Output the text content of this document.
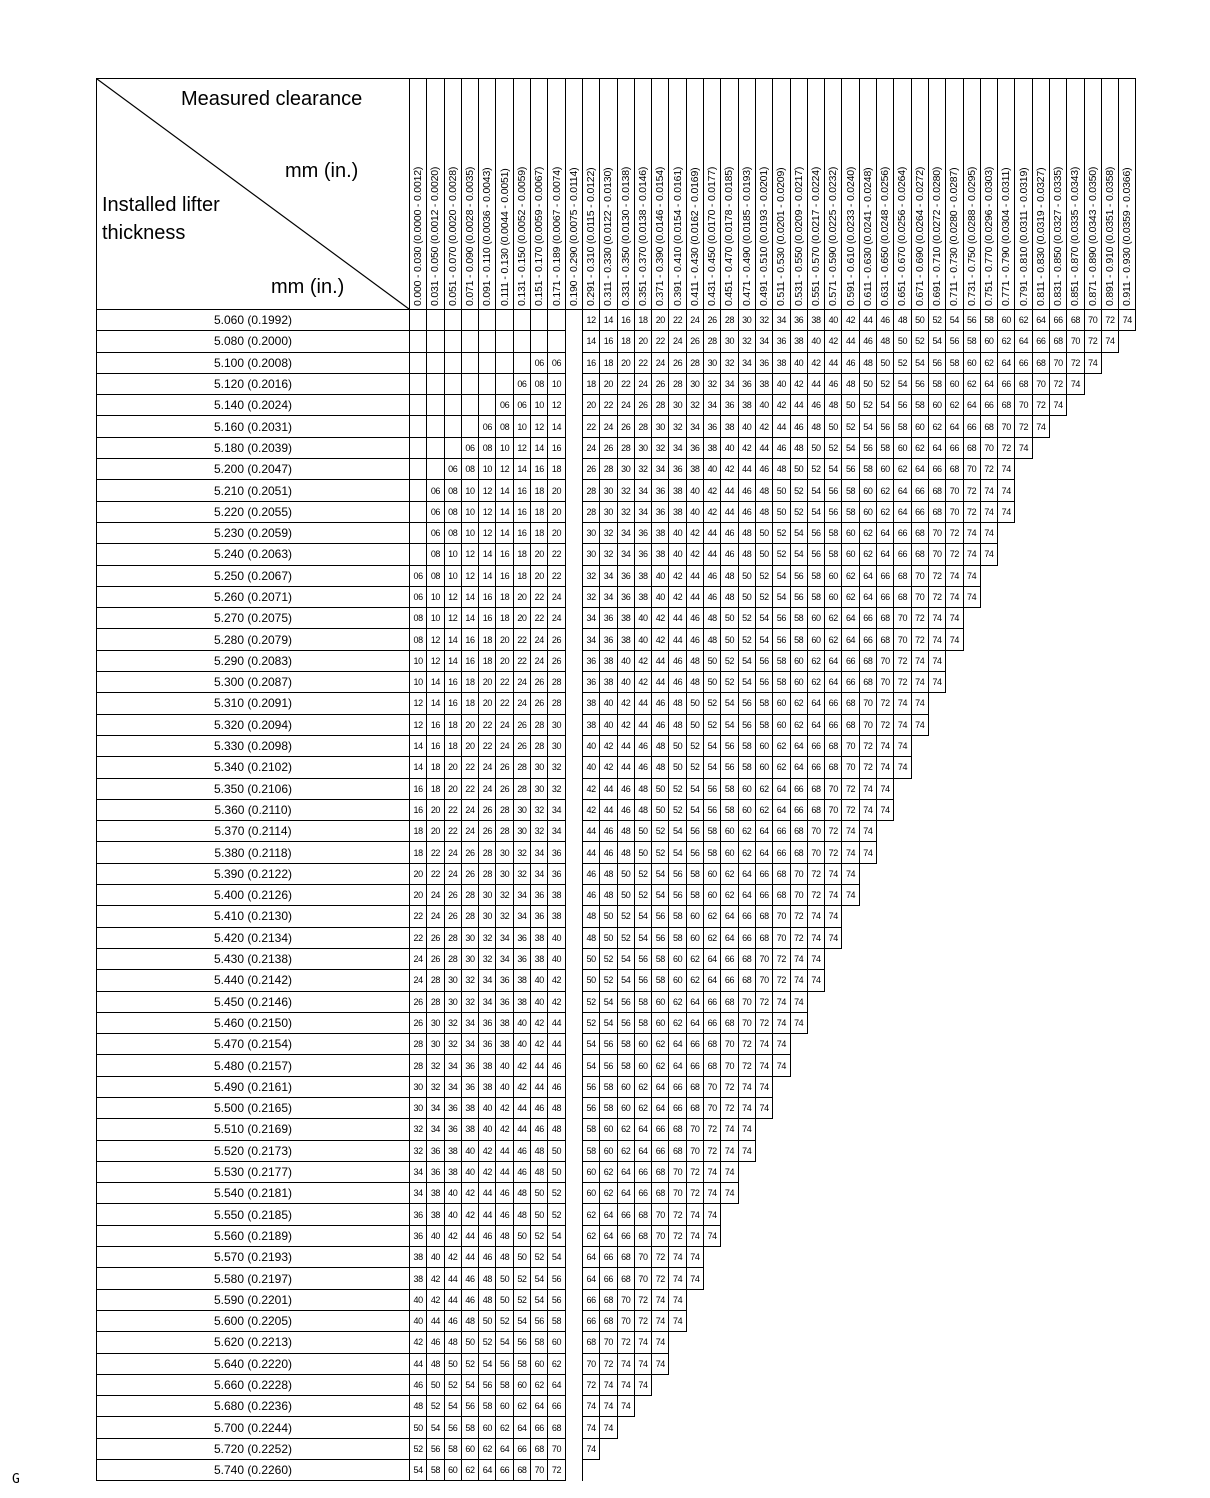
Measured clearance
mm (in.)
Installed lifter
thickness
mm (in.)	0.000 - 0.030 (0.0000 - 0.0012)	0.031 - 0.050 (0.0012 - 0.0020)	0.051 - 0.070 (0.0020 - 0.0028)	0.071 - 0.090 (0.0028 - 0.0035)	0.091 - 0.110 (0.0036 - 0.0043)	0.111 - 0.130 (0.0044 - 0.0051)	0.131 - 0.150 (0.0052 - 0.0059)	0.151 - 0.170 (0.0059 - 0.0067)	0.171 - 0.189 (0.0067 - 0.0074)	0.190 - 0.290 (0.0075 - 0.0114)	0.291 - 0.310 (0.0115 - 0.0122)	0.311 - 0.330 (0.0122 - 0.0130)	0.331 - 0.350 (0.0130 - 0.0138)	0.351 - 0.370 (0.0138 - 0.0146)	0.371 - 0.390 (0.0146 - 0.0154)	0.391 - 0.410 (0.0154 - 0.0161)	0.411 - 0.430 (0.0162 - 0.0169)	0.431 - 0.450 (0.0170 - 0.0177)	0.451 - 0.470 (0.0178 - 0.0185)	0.471 - 0.490 (0.0185 - 0.0193)	0.491 - 0.510 (0.0193 - 0.0201)	0.511 - 0.530 (0.0201 - 0.0209)	0.531 - 0.550 (0.0209 - 0.0217)	0.551 - 0.570 (0.0217 - 0.0224)	0.571 - 0.590 (0.0225 - 0.0232)	0.591 - 0.610 (0.0233 - 0.0240)	0.611 - 0.630 (0.0241 - 0.0248)	0.631 - 0.650 (0.0248 - 0.0256)	0.651 - 0.670 (0.0256 - 0.0264)	0.671 - 0.690 (0.0264 - 0.0272)	0.691 - 0.710 (0.0272 - 0.0280)	0.711 - 0.730 (0.0280 - 0.0287)	0.731 - 0.750 (0.0288 - 0.0295)	0.751 - 0.770 (0.0296 - 0.0303)	0.771 - 0.790 (0.0304 - 0.0311)	0.791 - 0.810 (0.0311 - 0.0319)	0.811 - 0.830 (0.0319 - 0.0327)	0.831 - 0.850 (0.0327 - 0.0335)	0.851 - 0.870 (0.0335 - 0.0343)	0.871 - 0.890 (0.0343 - 0.0350)	0.891 - 0.910 (0.0351 - 0.0358)	0.911 - 0.930 (0.0359 - 0.0366)

5.060 (0.1992)											12	14	16	18	20	22	24	26	28	30	32	34	36	38	40	42	44	46	48	50	52	54	56	58	60	62	64	66	68	70	72	74
5.080 (0.2000)											14	16	18	20	22	24	26	28	30	32	34	36	38	40	42	44	46	48	50	52	54	56	58	60	62	64	66	68	70	72	74	
5.100 (0.2008)								06	06		16	18	20	22	24	26	28	30	32	34	36	38	40	42	44	46	48	50	52	54	56	58	60	62	64	66	68	70	72	74		
5.120 (0.2016)							06	08	10		18	20	22	24	26	28	30	32	34	36	38	40	42	44	46	48	50	52	54	56	58	60	62	64	66	68	70	72	74			
5.140 (0.2024)						06	06	10	12		20	22	24	26	28	30	32	34	36	38	40	42	44	46	48	50	52	54	56	58	60	62	64	66	68	70	72	74				
5.160 (0.2031)					06	08	10	12	14		22	24	26	28	30	32	34	36	38	40	42	44	46	48	50	52	54	56	58	60	62	64	66	68	70	72	74					
5.180 (0.2039)				06	08	10	12	14	16		24	26	28	30	32	34	36	38	40	42	44	46	48	50	52	54	56	58	60	62	64	66	68	70	72	74						
5.200 (0.2047)			06	08	10	12	14	16	18		26	28	30	32	34	36	38	40	42	44	46	48	50	52	54	56	58	60	62	64	66	68	70	72	74							
5.210 (0.2051)		06	08	10	12	14	16	18	20		28	30	32	34	36	38	40	42	44	46	48	50	52	54	56	58	60	62	64	66	68	70	72	74	74							
5.220 (0.2055)		06	08	10	12	14	16	18	20		28	30	32	34	36	38	40	42	44	46	48	50	52	54	56	58	60	62	64	66	68	70	72	74	74							
5.230 (0.2059)		06	08	10	12	14	16	18	20		30	32	34	36	38	40	42	44	46	48	50	52	54	56	58	60	62	64	66	68	70	72	74	74								
5.240 (0.2063)		08	10	12	14	16	18	20	22		30	32	34	36	38	40	42	44	46	48	50	52	54	56	58	60	62	64	66	68	70	72	74	74								
5.250 (0.2067)	06	08	10	12	14	16	18	20	22		32	34	36	38	40	42	44	46	48	50	52	54	56	58	60	62	64	66	68	70	72	74	74									
5.260 (0.2071)	06	10	12	14	16	18	20	22	24		32	34	36	38	40	42	44	46	48	50	52	54	56	58	60	62	64	66	68	70	72	74	74									
5.270 (0.2075)	08	10	12	14	16	18	20	22	24		34	36	38	40	42	44	46	48	50	52	54	56	58	60	62	64	66	68	70	72	74	74										
5.280 (0.2079)	08	12	14	16	18	20	22	24	26		34	36	38	40	42	44	46	48	50	52	54	56	58	60	62	64	66	68	70	72	74	74										
5.290 (0.2083)	10	12	14	16	18	20	22	24	26		36	38	40	42	44	46	48	50	52	54	56	58	60	62	64	66	68	70	72	74	74											
5.300 (0.2087)	10	14	16	18	20	22	24	26	28		36	38	40	42	44	46	48	50	52	54	56	58	60	62	64	66	68	70	72	74	74											
5.310 (0.2091)	12	14	16	18	20	22	24	26	28		38	40	42	44	46	48	50	52	54	56	58	60	62	64	66	68	70	72	74	74												
5.320 (0.2094)	12	16	18	20	22	24	26	28	30		38	40	42	44	46	48	50	52	54	56	58	60	62	64	66	68	70	72	74	74												
5.330 (0.2098)	14	16	18	20	22	24	26	28	30		40	42	44	46	48	50	52	54	56	58	60	62	64	66	68	70	72	74	74													
5.340 (0.2102)	14	18	20	22	24	26	28	30	32		40	42	44	46	48	50	52	54	56	58	60	62	64	66	68	70	72	74	74													
5.350 (0.2106)	16	18	20	22	24	26	28	30	32		42	44	46	48	50	52	54	56	58	60	62	64	66	68	70	72	74	74														
5.360 (0.2110)	16	20	22	24	26	28	30	32	34		42	44	46	48	50	52	54	56	58	60	62	64	66	68	70	72	74	74														
5.370 (0.2114)	18	20	22	24	26	28	30	32	34		44	46	48	50	52	54	56	58	60	62	64	66	68	70	72	74	74															
5.380 (0.2118)	18	22	24	26	28	30	32	34	36		44	46	48	50	52	54	56	58	60	62	64	66	68	70	72	74	74															
5.390 (0.2122)	20	22	24	26	28	30	32	34	36		46	48	50	52	54	56	58	60	62	64	66	68	70	72	74	74																
5.400 (0.2126)	20	24	26	28	30	32	34	36	38		46	48	50	52	54	56	58	60	62	64	66	68	70	72	74	74																
5.410 (0.2130)	22	24	26	28	30	32	34	36	38		48	50	52	54	56	58	60	62	64	66	68	70	72	74	74																	
5.420 (0.2134)	22	26	28	30	32	34	36	38	40		48	50	52	54	56	58	60	62	64	66	68	70	72	74	74																	
5.430 (0.2138)	24	26	28	30	32	34	36	38	40		50	52	54	56	58	60	62	64	66	68	70	72	74	74																		
5.440 (0.2142)	24	28	30	32	34	36	38	40	42		50	52	54	56	58	60	62	64	66	68	70	72	74	74																		
5.450 (0.2146)	26	28	30	32	34	36	38	40	42		52	54	56	58	60	62	64	66	68	70	72	74	74																			
5.460 (0.2150)	26	30	32	34	36	38	40	42	44		52	54	56	58	60	62	64	66	68	70	72	74	74																			
5.470 (0.2154)	28	30	32	34	36	38	40	42	44		54	56	58	60	62	64	66	68	70	72	74	74																				
5.480 (0.2157)	28	32	34	36	38	40	42	44	46		54	56	58	60	62	64	66	68	70	72	74	74																				
5.490 (0.2161)	30	32	34	36	38	40	42	44	46		56	58	60	62	64	66	68	70	72	74	74																					
5.500 (0.2165)	30	34	36	38	40	42	44	46	48		56	58	60	62	64	66	68	70	72	74	74																					
5.510 (0.2169)	32	34	36	38	40	42	44	46	48		58	60	62	64	66	68	70	72	74	74																						
5.520 (0.2173)	32	36	38	40	42	44	46	48	50		58	60	62	64	66	68	70	72	74	74																						
5.530 (0.2177)	34	36	38	40	42	44	46	48	50		60	62	64	66	68	70	72	74	74																							
5.540 (0.2181)	34	38	40	42	44	46	48	50	52		60	62	64	66	68	70	72	74	74																							
5.550 (0.2185)	36	38	40	42	44	46	48	50	52		62	64	66	68	70	72	74	74																								
5.560 (0.2189)	36	40	42	44	46	48	50	52	54		62	64	66	68	70	72	74	74																								
5.570 (0.2193)	38	40	42	44	46	48	50	52	54		64	66	68	70	72	74	74																									
5.580 (0.2197)	38	42	44	46	48	50	52	54	56		64	66	68	70	72	74	74																									
5.590 (0.2201)	40	42	44	46	48	50	52	54	56		66	68	70	72	74	74																										
5.600 (0.2205)	40	44	46	48	50	52	54	56	58		66	68	70	72	74	74																										
5.620 (0.2213)	42	46	48	50	52	54	56	58	60		68	70	72	74	74																											
5.640 (0.2220)	44	48	50	52	54	56	58	60	62		70	72	74	74	74																											
5.660 (0.2228)	46	50	52	54	56	58	60	62	64		72	74	74	74																												
5.680 (0.2236)	48	52	54	56	58	60	62	64	66		74	74	74																													
5.700 (0.2244)	50	54	56	58	60	62	64	66	68		74	74																														
5.720 (0.2252)	52	56	58	60	62	64	66	68	70		74																															
5.740 (0.2260)	54	58	60	62	64	66	68	70	72																																	
G
